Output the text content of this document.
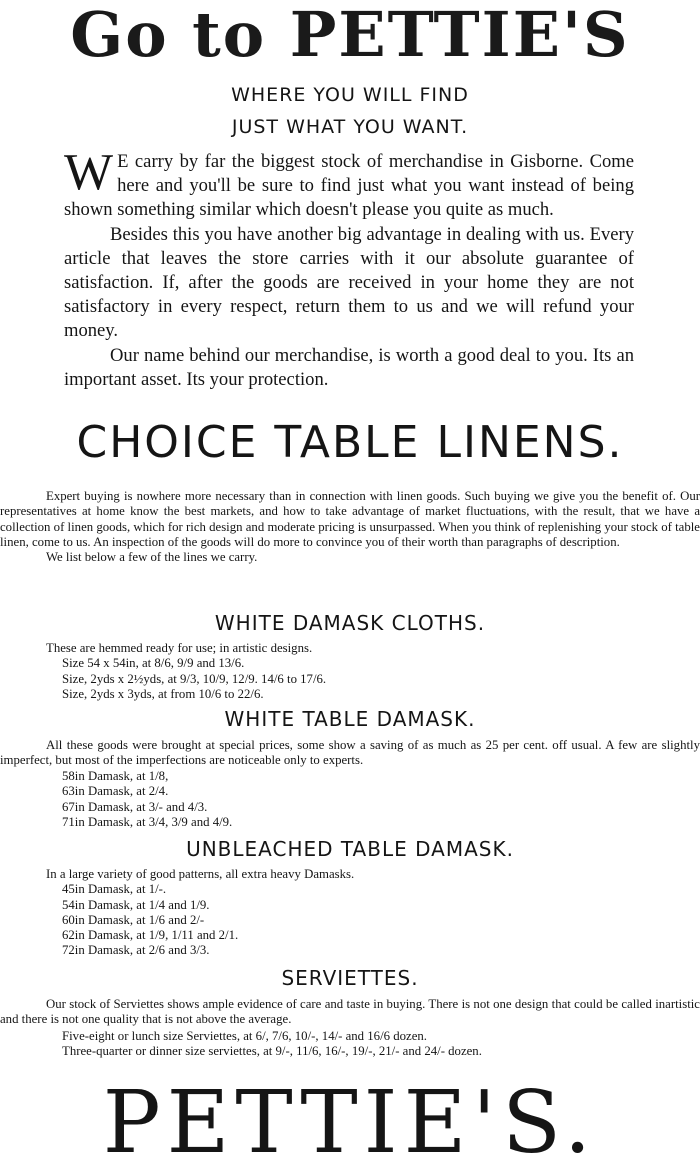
Go to PETTIE'S
WHERE YOU WILL FIND
JUST WHAT YOU WANT.

W E carry by far the biggest stock of merchandise in Gisborne. Come here and you'll be sure to find just what you want instead of being shown something similar which doesn't please you quite as much.

Besides this you have another big advantage in dealing with us. Every article that leaves the store carries with it our absolute guarantee of satisfaction. If, after the goods are received in your home they are not satisfactory in every respect, return them to us and we will refund your money.

Our name behind our merchandise, is worth a good deal to you. Its an important asset. Its your protection.

CHOICE TABLE LINENS.

Expert buying is nowhere more necessary than in connection with linen goods. Such buying we give you the benefit of. Our representatives at home know the best markets, and how to take advantage of market fluctuations, with the result, that we have a collection of linen goods, which for rich design and moderate pricing is unsurpassed. When you think of replenishing your stock of table linen, come to us. An inspection of the goods will do more to convince you of their worth than paragraphs of description.

We list below a few of the lines we carry.

WHITE DAMASK CLOTHS.
These are hemmed ready for use; in artistic designs.
Size 54 x 54in, at 8/6, 9/9 and 13/6.
Size, 2yds x 2½yds, at 9/3, 10/9, 12/9. 14/6 to 17/6.
Size, 2yds x 3yds, at from 10/6 to 22/6.
WHITE TABLE DAMASK.

All these goods were brought at special prices, some show a saving of as much as 25 per cent. off usual. A few are slightly imperfect, but most of the imperfections are noticeable only to experts.

58in Damask, at 1/8,
63in Damask, at 2/4.
67in Damask, at 3/- and 4/3.
71in Damask, at 3/4, 3/9 and 4/9.
UNBLEACHED TABLE DAMASK.
In a large variety of good patterns, all extra heavy Damasks.
45in Damask, at 1/-.
54in Damask, at 1/4 and 1/9.
60in Damask, at 1/6 and 2/-
62in Damask, at 1/9, 1/11 and 2/1.
72in Damask, at 2/6 and 3/3.
SERVIETTES.

Our stock of Serviettes shows ample evidence of care and taste in buying. There is not one design that could be called inartistic and there is not one quality that is not above the average.

Five-eight or lunch size Serviettes, at 6/, 7/6, 10/-, 14/- and 16/6 dozen.
Three-quarter or dinner size serviettes, at 9/-, 11/6, 16/-, 19/-, 21/- and 24/- dozen.
PETTIE'S.
